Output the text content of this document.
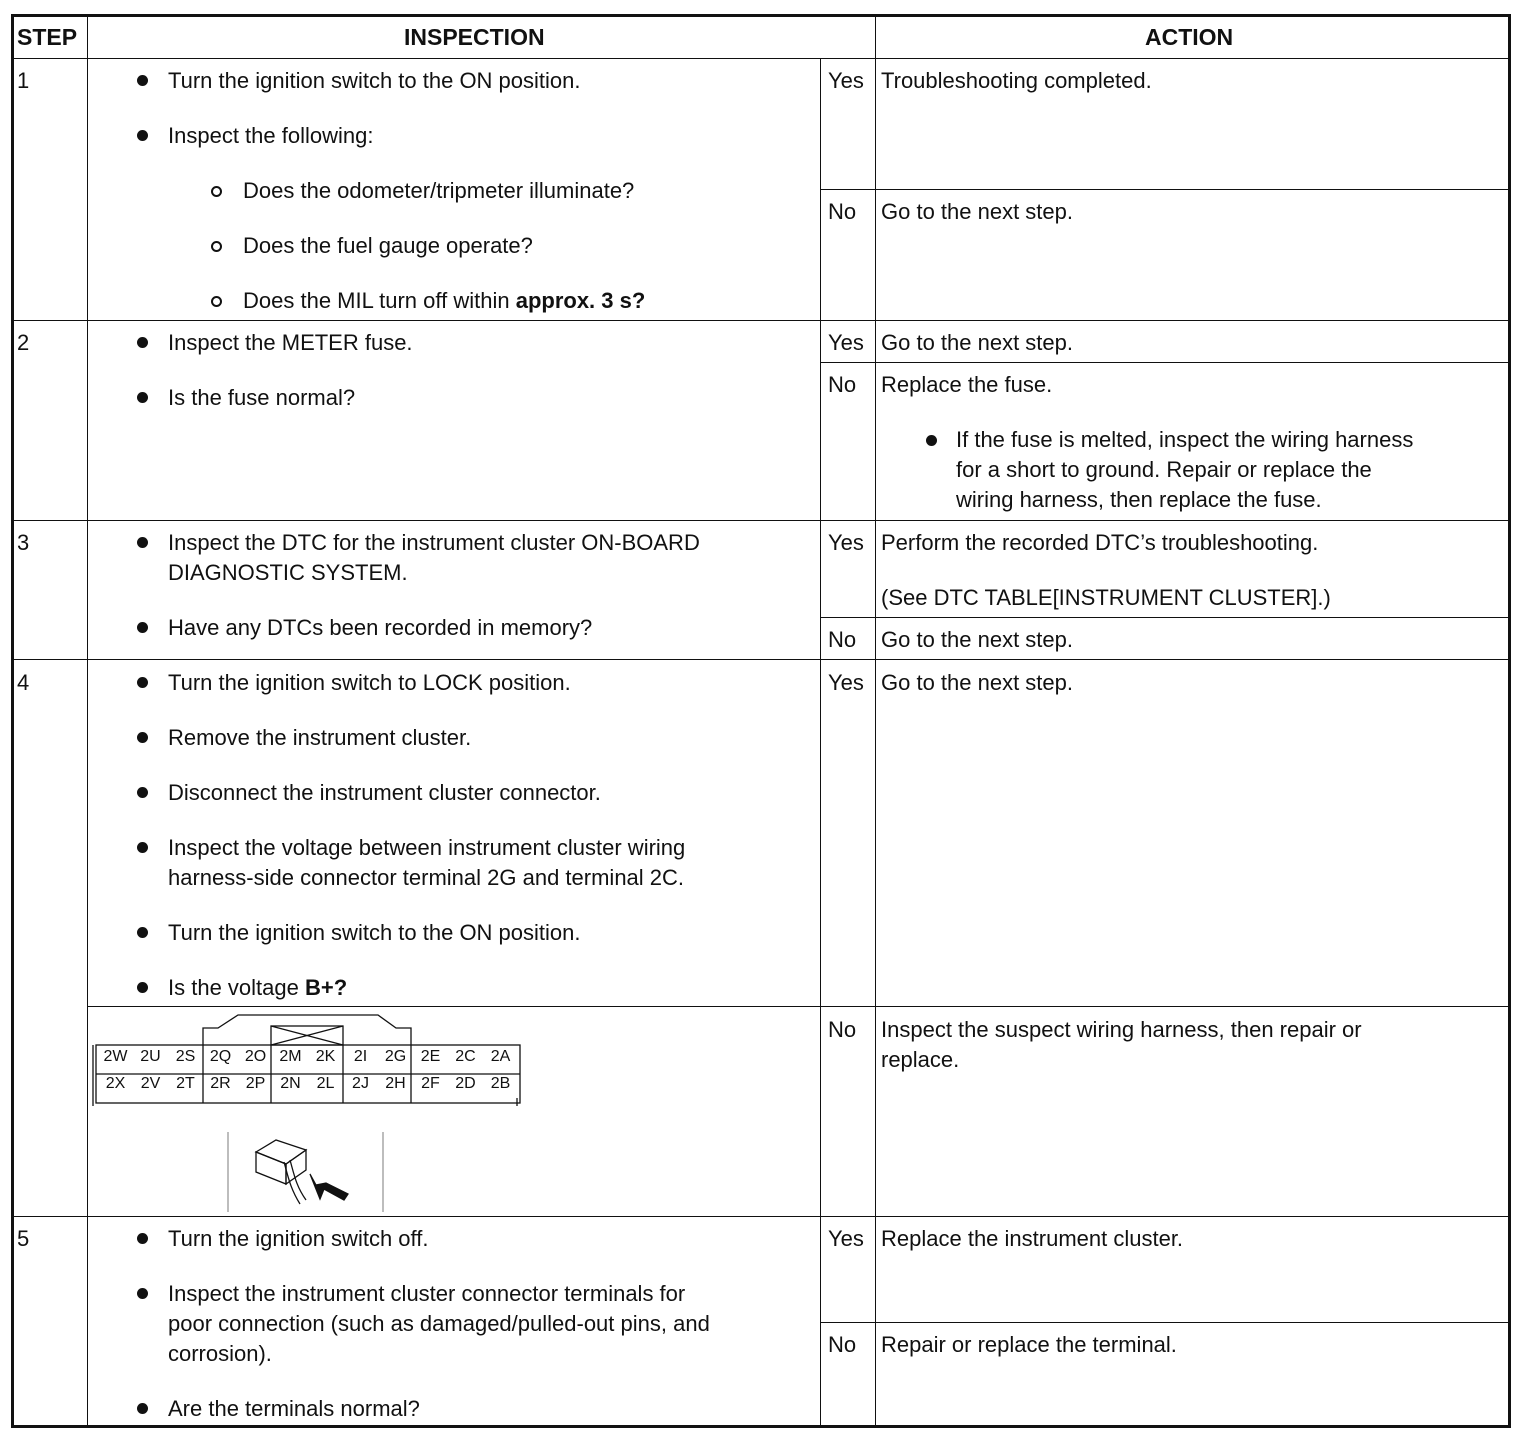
STEP	INSPECTION	ACTION
1	Turn the ignition switch to the ON position.
Inspect the following:
Does the odometer/tripmeter illuminate?
Does the fuel gauge operate?
Does the MIL turn off within approx. 3 s?
Yes Troubleshooting completed.
No Go to the next step.
2	Inspect the METER fuse.
Is the fuse normal?
Yes Go to the next step.
No Replace the fuse.
If the fuse is melted, inspect the wiring harness
for a short to ground. Repair or replace the
wiring harness, then replace the fuse.
3	Inspect the DTC for the instrument cluster ON-BOARD
DIAGNOSTIC SYSTEM.
Have any DTCs been recorded in memory?
Yes Perform the recorded DTC’s troubleshooting.
(See DTC TABLE[INSTRUMENT CLUSTER].)
No Go to the next step.
4	Turn the ignition switch to LOCK position.
Remove the instrument cluster.
Disconnect the instrument cluster connector.
Inspect the voltage between instrument cluster wiring
harness-side connector terminal 2G and terminal 2C.
Turn the ignition switch to the ON position.
Is the voltage B+?
Yes Go to the next step.
No Inspect the suspect wiring harness, then repair or
replace.
2W 2U 2S 2Q 2O 2M 2K	2I	2G 2E 2C 2A
2X 2V 2T 2R 2P 2N 2L	2J	2H 2F 2D 2B
5	Turn the ignition switch off.
Inspect the instrument cluster connector terminals for
poor connection (such as damaged/pulled-out pins, and
corrosion).
Are the terminals normal?
Yes Replace the instrument cluster.
No Repair or replace the terminal.
